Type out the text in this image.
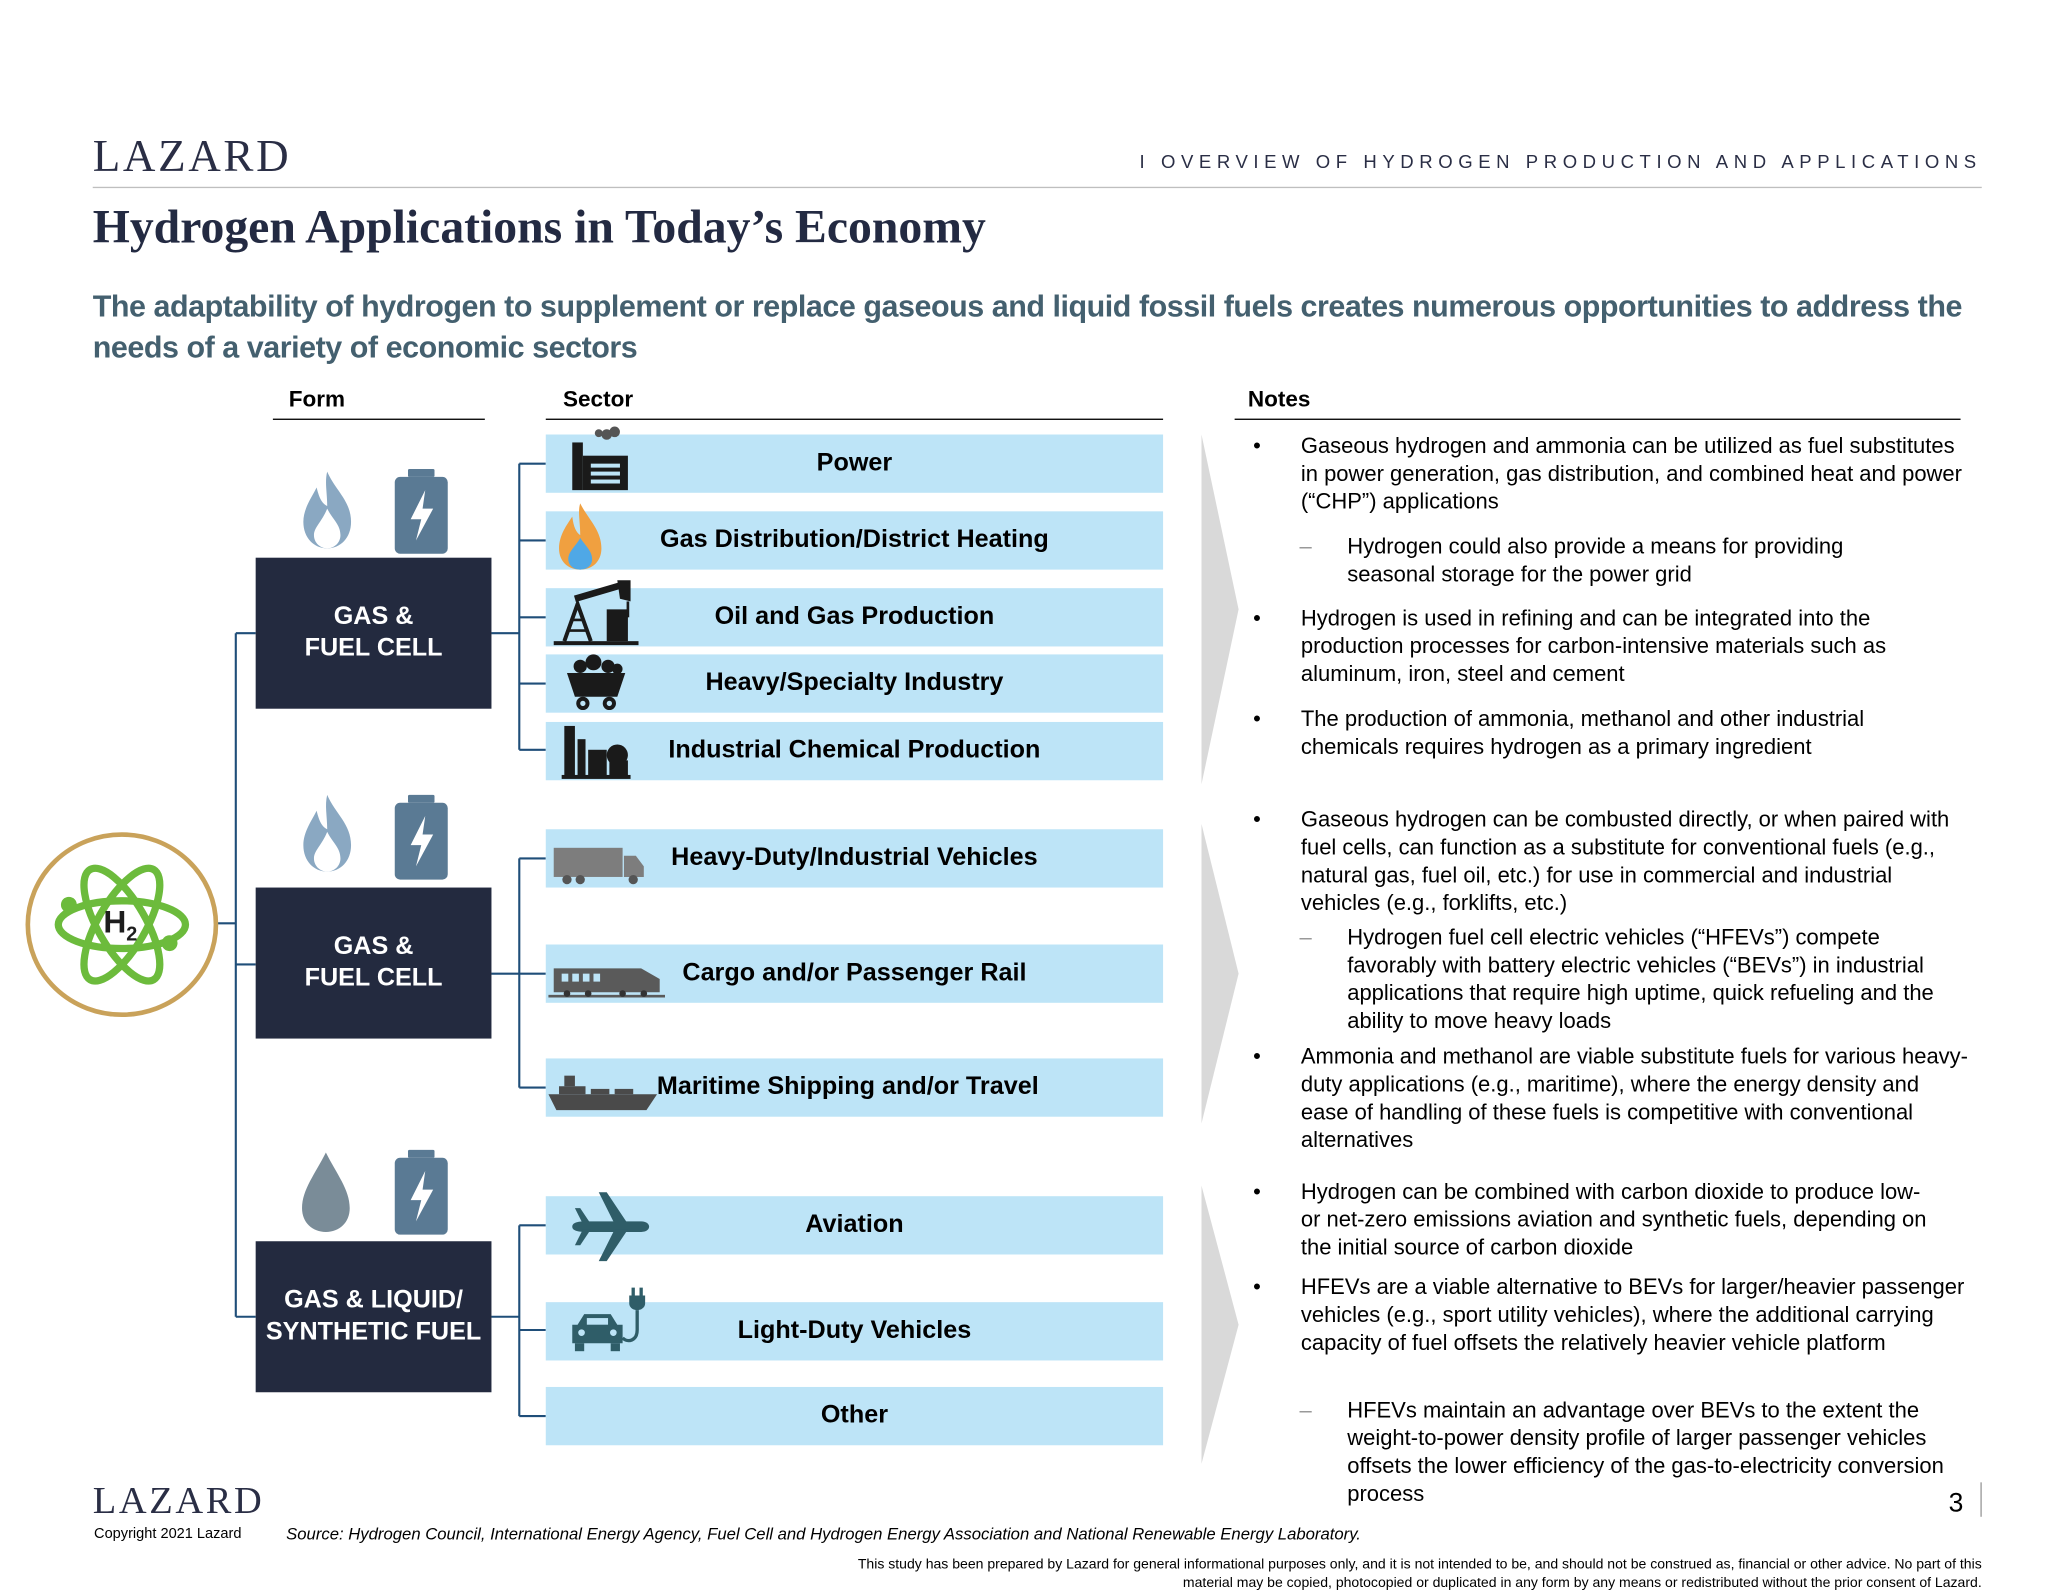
LAZARD	I OVERVIEW OF HYDROGEN PRODUCTION AND APPLICATIONS
Hydrogen Applications in Today’s Economy
The adaptability of hydrogen to supplement or replace gaseous and liquid fossil fuels creates numerous opportunities to address the needs of a variety of economic sectors
Form	Sector	Notes
$H_2$
GAS &
FUEL CELL
GAS &
FUEL CELL
GAS & LIQUID/
SYNTHETIC FUEL
Power
Gas Distribution/District Heating
Oil and Gas Production
Heavy/Specialty Industry
Industrial Chemical Production
Heavy-Duty/Industrial Vehicles
Cargo and/or Passenger Rail
Maritime Shipping and/or Travel
Aviation
Light-Duty Vehicles
Other
•	Gaseous hydrogen and ammonia can be utilized as fuel substitutes in power generation, gas distribution, and combined heat and power (“CHP”) applications
–	Hydrogen could also provide a means for providing seasonal storage for the power grid
•	Hydrogen is used in refining and can be integrated into the production processes for carbon-intensive materials such as aluminum, iron, steel and cement
•	The production of ammonia, methanol and other industrial chemicals requires hydrogen as a primary ingredient
•	Gaseous hydrogen can be combusted directly, or when paired with fuel cells, can function as a substitute for conventional fuels (e.g., natural gas, fuel oil, etc.) for use in commercial and industrial vehicles (e.g., forklifts, etc.)
–	Hydrogen fuel cell electric vehicles (“HFEVs”) compete favorably with battery electric vehicles (“BEVs”) in industrial applications that require high uptime, quick refueling and the ability to move heavy loads
•	Ammonia and methanol are viable substitute fuels for various heavy-duty applications (e.g., maritime), where the energy density and ease of handling of these fuels is competitive with conventional alternatives
•	Hydrogen can be combined with carbon dioxide to produce low- or net-zero emissions aviation and synthetic fuels, depending on the initial source of carbon dioxide
•	HFEVs are a viable alternative to BEVs for larger/heavier passenger vehicles (e.g., sport utility vehicles), where the additional carrying capacity of fuel offsets the relatively heavier vehicle platform
–	HFEVs maintain an advantage over BEVs to the extent the weight-to-power density profile of larger passenger vehicles offsets the lower efficiency of the gas-to-electricity conversion process
LAZARD
Copyright 2021 Lazard	Source: Hydrogen Council, International Energy Agency, Fuel Cell and Hydrogen Energy Association and National Renewable Energy Laboratory.
3
This study has been prepared by Lazard for general informational purposes only, and it is not intended to be, and should not be construed as, financial or other advice. No part of this material may be copied, photocopied or duplicated in any form by any means or redistributed without the prior consent of Lazard.
